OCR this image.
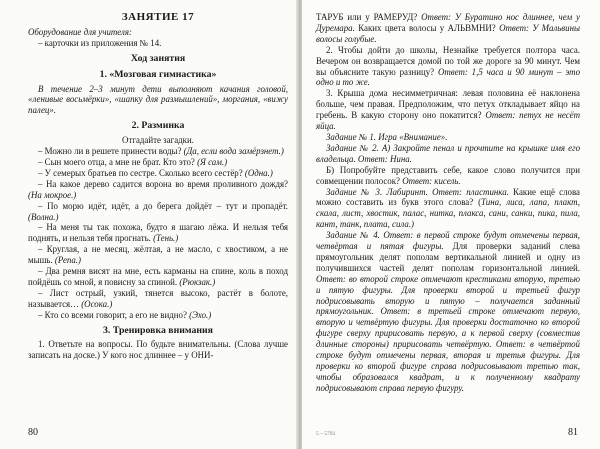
ЗАНЯТИЕ 17

Оборудование для учителя:

– карточки из приложения № 14.

Ход занятия
1. «Мозговая гимнастика»

В течение 2–3 минут дети выполняют качания головой, «ленивые восьмёрки», «шапку для размышлений», моргания, «вижу палец».

2. Разминка

Отгадайте загадки.

– Можно ли в решете принести воды? (Да, если вода замёрзнет.)

– Сын моего отца, а мне не брат. Кто это? (Я сам.)

– У семерых братьев по сестре. Сколько всего сестёр? (Одна.)

– На какое дерево садится ворона во время проливного дождя? (На мокрое.)

– По морю идёт, идёт, а до берега дойдёт – тут и пропадёт. (Волна.)

– На меня ты так похожа, будто я шагаю лёжа. И нельзя тебя поднять, и нельзя тебя прогнать. (Тень.)

– Круглая, а не месяц, жёлтая, а не масло, с хвостиком, а не мышь. (Репа.)

– Два ремня висят на мне, есть карманы на спине, коль в поход пойдёшь со мной, я повисну за спиной. (Рюкзак.)

– Лист острый, узкий, тянется высоко, растёт в болоте, называется… (Осока.)

– Кто со всеми говорит, а его не видно? (Эхо.)

3. Тренировка внимания

1. Ответьте на вопросы. По будьте внимательны. (Слова лучше записать на доске.) У кого нос длиннее – у ОНИ-

80

ТАРУБ или у РАМЕРУД? Ответ: У Буратино нос длиннее, чем у Дуремара. Каких цвета волосы у АЛЬВМНИ? Ответ: У Мальвины волосы голубые.

2. Чтобы дойти до школы, Незнайке требуется полтора часа. Вечером он возвращается домой по той же дороге за 90 минут. Чем вы объясните такую разницу? Ответ: 1,5 часа и 90 минут – это одно и то же.

3. Крыша дома несимметричная: левая половина её наклонена больше, чем правая. Предположим, что петух откладывает яйцо на гребень. В какую сторону оно покатится? Ответ: петух не несёт яйца.

Задание № 1. Игра «Внимание».

Задание № 2. А) Закройте пенал и прочтите на крышке имя его владельца. Ответ: Нина.

Б) Попробуйте представить себе, какое слово получится при совмещении полосок? Ответ: кисель.

Задание № 3. Лабиринт. Ответ: пластинка. Какие ещё слова можно составить из букв этого слова? (Тина, лиса, лапа, плакт, скала, лист, хвостик, палас, нитка, плакса, сани, санки, пика, пила, кант, танк, плата, сила.)

Задание № 4. Ответ: в первой строке будут отмечены первая, четвёртая и пятая фигуры. Для проверки заданий слева прямоугольник делят пополам вертикальной линией и одну из получившихся частей делят пополам горизонтальной линией. Ответ: во второй строке отмечают крестиками вторую, третью и пятую фигуры. Для проверки второй и третьей фигур подрисовывать вторую и пятую – получается заданный прямоугольник. Ответ: в третьей строке отмечают первую, вторую и четвёртую фигуры. Для проверки достаточно ко второй фигуре сверху пририсовать первую, а к первой сверху (совместив длинные стороны) пририсовать четвёртую. Ответ: в четвёртой строке будут отмечены первая, вторая и третья фигуры. Для проверки ко второй фигуре справа подрисовывают третью так, чтобы образовался квадрат, и к полученному квадрату подрисовывают справа первую фигуру.

5 – 5793	81
